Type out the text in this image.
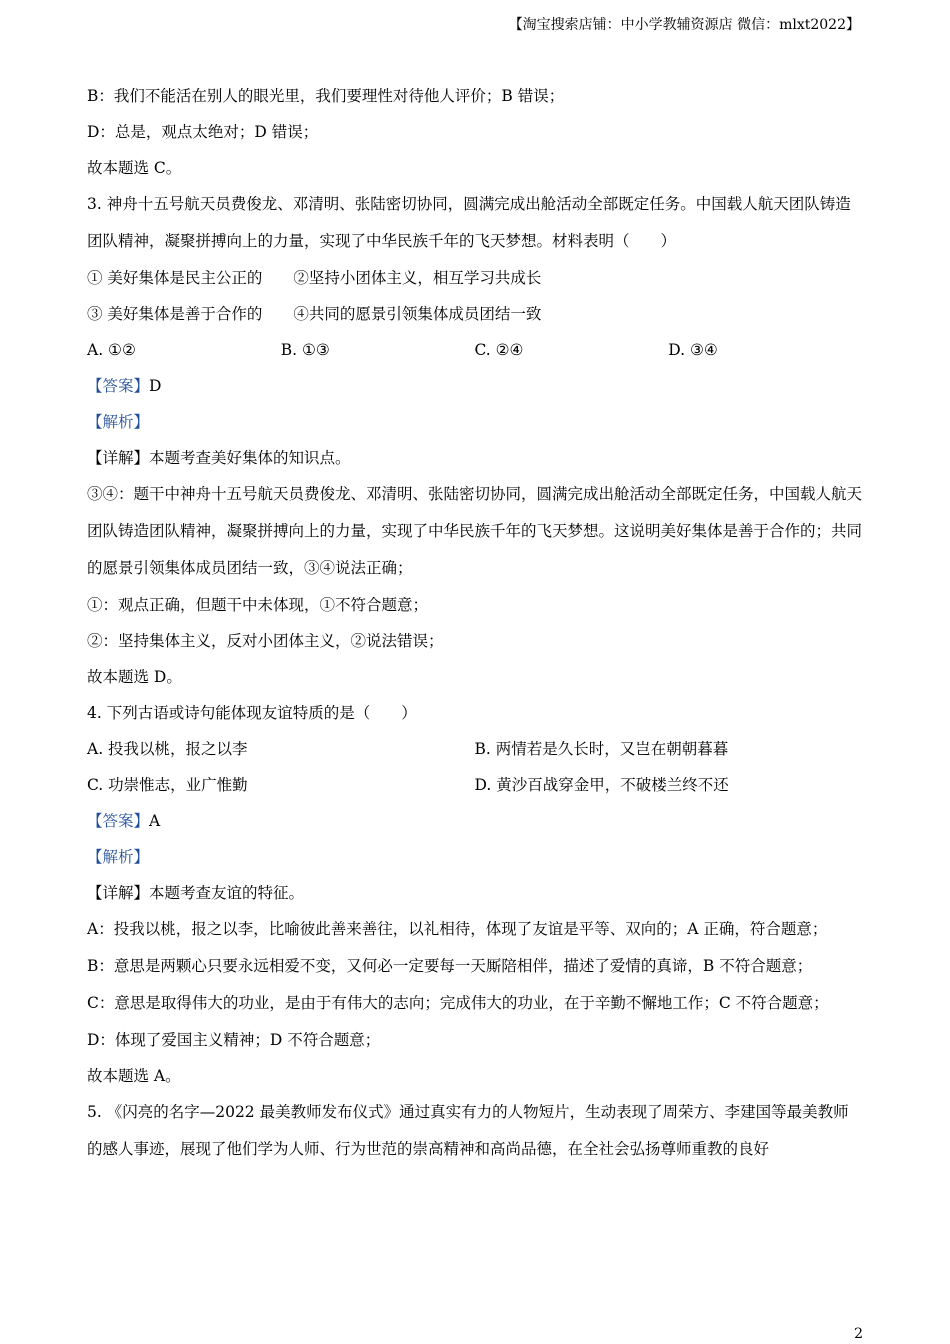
【淘宝搜索店铺：中小学教辅资源店 微信：mlxt2022】
B：我们不能活在别人的眼光里，我们要理性对待他人评价；B 错误；
D：总是，观点太绝对；D 错误；
故本题选 C。
3. 神舟十五号航天员费俊龙、邓清明、张陆密切协同，圆满完成出舱活动全部既定任务。中国载人航天团队铸造团队精神，凝聚拼搏向上的力量，实现了中华民族千年的飞天梦想。材料表明（　　）
① 美好集体是民主公正的　　②坚持小团体主义，相互学习共成长
③ 美好集体是善于合作的　　④共同的愿景引领集体成员团结一致
A. ①②	B. ①③	C. ②④	D. ③④
【答案】D
【解析】
【详解】本题考查美好集体的知识点。
③④：题干中神舟十五号航天员费俊龙、邓清明、张陆密切协同，圆满完成出舱活动全部既定任务，中国载人航天团队铸造团队精神，凝聚拼搏向上的力量，实现了中华民族千年的飞天梦想。这说明美好集体是善于合作的；共同的愿景引领集体成员团结一致，③④说法正确；
①：观点正确，但题干中未体现，①不符合题意；
②：坚持集体主义，反对小团体主义，②说法错误；
故本题选 D。
4. 下列古语或诗句能体现友谊特质的是（　　）
A. 投我以桃，报之以李	B. 两情若是久长时，又岂在朝朝暮暮
C. 功崇惟志，业广惟勤	D. 黄沙百战穿金甲，不破楼兰终不还
【答案】A
【解析】
【详解】本题考查友谊的特征。
A：投我以桃，报之以李，比喻彼此善来善往，以礼相待，体现了友谊是平等、双向的；A 正确，符合题意；
B：意思是两颗心只要永远相爱不变，又何必一定要每一天厮陪相伴，描述了爱情的真谛，B 不符合题意；
C：意思是取得伟大的功业，是由于有伟大的志向；完成伟大的功业，在于辛勤不懈地工作；C 不符合题意；
D：体现了爱国主义精神；D 不符合题意；
故本题选 A。
5. 《闪亮的名字—2022 最美教师发布仪式》通过真实有力的人物短片，生动表现了周荣方、李建国等最美教师的感人事迹，展现了他们学为人师、行为世范的崇高精神和高尚品德，在全社会弘扬尊师重教的良好
2
